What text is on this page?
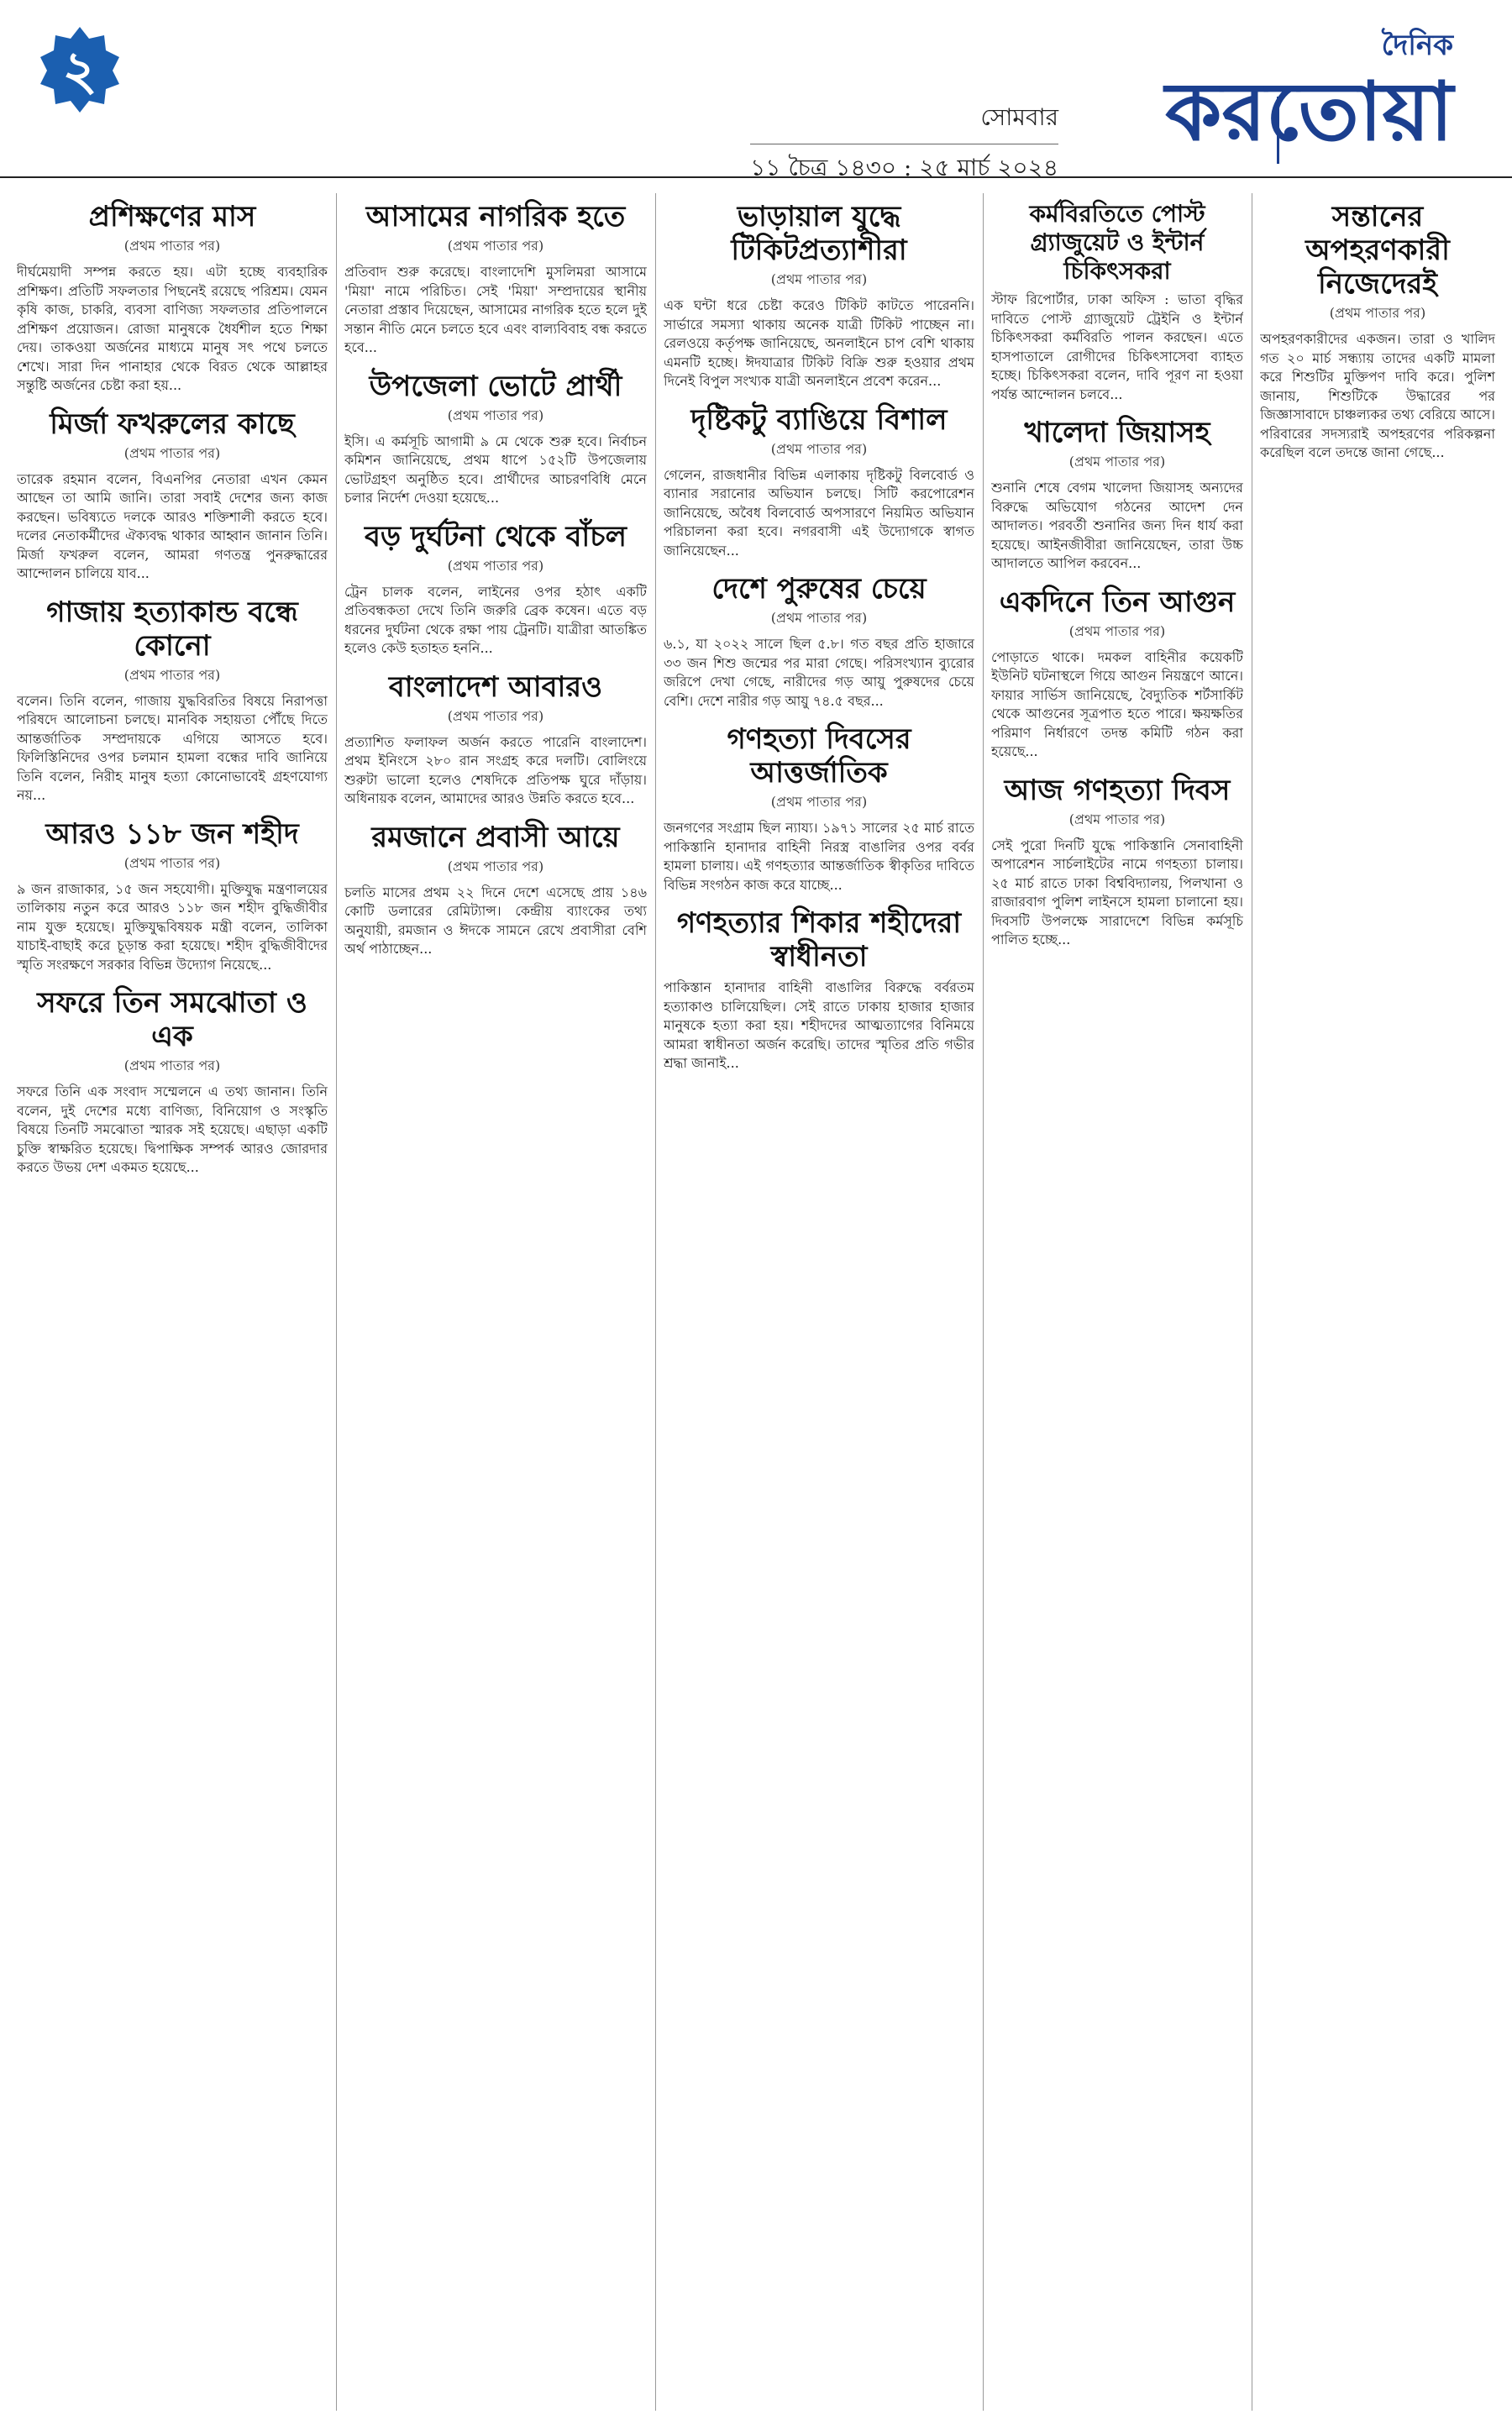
২
সোমবার
১১ চৈত্র ১৪৩০ : ২৫ মার্চ ২০২৪
দৈনিক
করতোয়া
প্রশিক্ষণের মাস
(প্রথম পাতার পর)
দীর্ঘমেয়াদী সম্পন্ন করতে হয়। এটা হচ্ছে ব্যবহারিক প্রশিক্ষণ। প্রতিটি সফলতার পিছনেই রয়েছে পরিশ্রম। যেমন কৃষি কাজ, চাকরি, ব্যবসা বাণিজ্য সফলতার প্রতিপালনে প্রশিক্ষণ প্রয়োজন। রোজা মানুষকে ধৈর্যশীল হতে শিক্ষা দেয়। তাকওয়া অর্জনের মাধ্যমে মানুষ সৎ পথে চলতে শেখে। সারা দিন পানাহার থেকে বিরত থেকে আল্লাহর সন্তুষ্টি অর্জনের চেষ্টা করা হয়...
মির্জা ফখরুলের কাছে
(প্রথম পাতার পর)
তারেক রহমান বলেন, বিএনপির নেতারা এখন কেমন আছেন তা আমি জানি। তারা সবাই দেশের জন্য কাজ করছেন। ভবিষ্যতে দলকে আরও শক্তিশালী করতে হবে। দলের নেতাকর্মীদের ঐক্যবদ্ধ থাকার আহ্বান জানান তিনি। মির্জা ফখরুল বলেন, আমরা গণতন্ত্র পুনরুদ্ধারের আন্দোলন চালিয়ে যাব...
গাজায় হত্যাকান্ড বন্ধে কোনো
(প্রথম পাতার পর)
বলেন। তিনি বলেন, গাজায় যুদ্ধবিরতির বিষয়ে নিরাপত্তা পরিষদে আলোচনা চলছে। মানবিক সহায়তা পৌঁছে দিতে আন্তর্জাতিক সম্প্রদায়কে এগিয়ে আসতে হবে। ফিলিস্তিনিদের ওপর চলমান হামলা বন্ধের দাবি জানিয়ে তিনি বলেন, নিরীহ মানুষ হত্যা কোনোভাবেই গ্রহণযোগ্য নয়...
আরও ১১৮ জন শহীদ
(প্রথম পাতার পর)
৯ জন রাজাকার, ১৫ জন সহযোগী। মুক্তিযুদ্ধ মন্ত্রণালয়ের তালিকায় নতুন করে আরও ১১৮ জন শহীদ বুদ্ধিজীবীর নাম যুক্ত হয়েছে। মুক্তিযুদ্ধবিষয়ক মন্ত্রী বলেন, তালিকা যাচাই-বাছাই করে চূড়ান্ত করা হয়েছে। শহীদ বুদ্ধিজীবীদের স্মৃতি সংরক্ষণে সরকার বিভিন্ন উদ্যোগ নিয়েছে...
সফরে তিন সমঝোতা ও এক
(প্রথম পাতার পর)
সফরে তিনি এক সংবাদ সম্মেলনে এ তথ্য জানান। তিনি বলেন, দুই দেশের মধ্যে বাণিজ্য, বিনিয়োগ ও সংস্কৃতি বিষয়ে তিনটি সমঝোতা স্মারক সই হয়েছে। এছাড়া একটি চুক্তি স্বাক্ষরিত হয়েছে। দ্বিপাক্ষিক সম্পর্ক আরও জোরদার করতে উভয় দেশ একমত হয়েছে...
আসামের নাগরিক হতে
(প্রথম পাতার পর)
প্রতিবাদ শুরু করেছে। বাংলাদেশি মুসলিমরা আসামে 'মিয়া' নামে পরিচিত। সেই 'মিয়া' সম্প্রদায়ের স্থানীয় নেতারা প্রস্তাব দিয়েছেন, আসামের নাগরিক হতে হলে দুই সন্তান নীতি মেনে চলতে হবে এবং বাল্যবিবাহ বন্ধ করতে হবে...
উপজেলা ভোটে প্রার্থী
(প্রথম পাতার পর)
ইসি। এ কর্মসূচি আগামী ৯ মে থেকে শুরু হবে। নির্বাচন কমিশন জানিয়েছে, প্রথম ধাপে ১৫২টি উপজেলায় ভোটগ্রহণ অনুষ্ঠিত হবে। প্রার্থীদের আচরণবিধি মেনে চলার নির্দেশ দেওয়া হয়েছে...
বড় দুর্ঘটনা থেকে বাঁচল
(প্রথম পাতার পর)
ট্রেন চালক বলেন, লাইনের ওপর হঠাৎ একটি প্রতিবন্ধকতা দেখে তিনি জরুরি ব্রেক কষেন। এতে বড় ধরনের দুর্ঘটনা থেকে রক্ষা পায় ট্রেনটি। যাত্রীরা আতঙ্কিত হলেও কেউ হতাহত হননি...
বাংলাদেশ আবারও
(প্রথম পাতার পর)
প্রত্যাশিত ফলাফল অর্জন করতে পারেনি বাংলাদেশ। প্রথম ইনিংসে ২৮০ রান সংগ্রহ করে দলটি। বোলিংয়ে শুরুটা ভালো হলেও শেষদিকে প্রতিপক্ষ ঘুরে দাঁড়ায়। অধিনায়ক বলেন, আমাদের আরও উন্নতি করতে হবে...
রমজানে প্রবাসী আয়ে
(প্রথম পাতার পর)
চলতি মাসের প্রথম ২২ দিনে দেশে এসেছে প্রায় ১৪৬ কোটি ডলারের রেমিট্যান্স। কেন্দ্রীয় ব্যাংকের তথ্য অনুযায়ী, রমজান ও ঈদকে সামনে রেখে প্রবাসীরা বেশি অর্থ পাঠাচ্ছেন...
ভাড়ায়াল যুদ্ধে টিকিটপ্রত্যাশীরা
(প্রথম পাতার পর)
এক ঘন্টা ধরে চেষ্টা করেও টিকিট কাটতে পারেননি। সার্ভারে সমস্যা থাকায় অনেক যাত্রী টিকিট পাচ্ছেন না। রেলওয়ে কর্তৃপক্ষ জানিয়েছে, অনলাইনে চাপ বেশি থাকায় এমনটি হচ্ছে। ঈদযাত্রার টিকিট বিক্রি শুরু হওয়ার প্রথম দিনেই বিপুল সংখ্যক যাত্রী অনলাইনে প্রবেশ করেন...
দৃষ্টিকটু ব্যাঙিয়ে বিশাল
(প্রথম পাতার পর)
গেলেন, রাজধানীর বিভিন্ন এলাকায় দৃষ্টিকটু বিলবোর্ড ও ব্যানার সরানোর অভিযান চলছে। সিটি করপোরেশন জানিয়েছে, অবৈধ বিলবোর্ড অপসারণে নিয়মিত অভিযান পরিচালনা করা হবে। নগরবাসী এই উদ্যোগকে স্বাগত জানিয়েছেন...
দেশে পুরুষের চেয়ে
(প্রথম পাতার পর)
৬.১, যা ২০২২ সালে ছিল ৫.৮। গত বছর প্রতি হাজারে ৩৩ জন শিশু জন্মের পর মারা গেছে। পরিসংখ্যান ব্যুরোর জরিপে দেখা গেছে, নারীদের গড় আয়ু পুরুষদের চেয়ে বেশি। দেশে নারীর গড় আয়ু ৭৪.৫ বছর...
গণহত্যা দিবসের আত্তর্জাতিক
(প্রথম পাতার পর)
জনগণের সংগ্রাম ছিল ন্যায্য। ১৯৭১ সালের ২৫ মার্চ রাতে পাকিস্তানি হানাদার বাহিনী নিরস্ত্র বাঙালির ওপর বর্বর হামলা চালায়। এই গণহত্যার আন্তর্জাতিক স্বীকৃতির দাবিতে বিভিন্ন সংগঠন কাজ করে যাচ্ছে...
গণহত্যার শিকার শহীদেরা স্বাধীনতা
পাকিস্তান হানাদার বাহিনী বাঙালির বিরুদ্ধে বর্বরতম হত্যাকাণ্ড চালিয়েছিল। সেই রাতে ঢাকায় হাজার হাজার মানুষকে হত্যা করা হয়। শহীদদের আত্মত্যাগের বিনিময়ে আমরা স্বাধীনতা অর্জন করেছি। তাদের স্মৃতির প্রতি গভীর শ্রদ্ধা জানাই...
কর্মবিরতিতে পোস্ট গ্র্যাজুয়েট ও ইন্টার্ন চিকিৎসকরা
স্টাফ রিপোর্টার, ঢাকা অফিস : ভাতা বৃদ্ধির দাবিতে পোস্ট গ্র্যাজুয়েট ট্রেইনি ও ইন্টার্ন চিকিৎসকরা কর্মবিরতি পালন করছেন। এতে হাসপাতালে রোগীদের চিকিৎসাসেবা ব্যাহত হচ্ছে। চিকিৎসকরা বলেন, দাবি পূরণ না হওয়া পর্যন্ত আন্দোলন চলবে...
খালেদা জিয়াসহ
(প্রথম পাতার পর)
শুনানি শেষে বেগম খালেদা জিয়াসহ অন্যদের বিরুদ্ধে অভিযোগ গঠনের আদেশ দেন আদালত। পরবর্তী শুনানির জন্য দিন ধার্য করা হয়েছে। আইনজীবীরা জানিয়েছেন, তারা উচ্চ আদালতে আপিল করবেন...
একদিনে তিন আগুন
(প্রথম পাতার পর)
পোড়াতে থাকে। দমকল বাহিনীর কয়েকটি ইউনিট ঘটনাস্থলে গিয়ে আগুন নিয়ন্ত্রণে আনে। ফায়ার সার্ভিস জানিয়েছে, বৈদ্যুতিক শর্টসার্কিট থেকে আগুনের সূত্রপাত হতে পারে। ক্ষয়ক্ষতির পরিমাণ নির্ধারণে তদন্ত কমিটি গঠন করা হয়েছে...
আজ গণহত্যা দিবস
(প্রথম পাতার পর)
সেই পুরো দিনটি যুদ্ধে পাকিস্তানি সেনাবাহিনী অপারেশন সার্চলাইটের নামে গণহত্যা চালায়। ২৫ মার্চ রাতে ঢাকা বিশ্ববিদ্যালয়, পিলখানা ও রাজারবাগ পুলিশ লাইনসে হামলা চালানো হয়। দিবসটি উপলক্ষে সারাদেশে বিভিন্ন কর্মসূচি পালিত হচ্ছে...
সন্তানের অপহরণকারী নিজেদেরই
(প্রথম পাতার পর)
অপহরণকারীদের একজন। তারা ও খালিদ গত ২০ মার্চ সন্ধ্যায় তাদের একটি মামলা করে শিশুটির মুক্তিপণ দাবি করে। পুলিশ জানায়, শিশুটিকে উদ্ধারের পর জিজ্ঞাসাবাদে চাঞ্চল্যকর তথ্য বেরিয়ে আসে। পরিবারের সদস্যরাই অপহরণের পরিকল্পনা করেছিল বলে তদন্তে জানা গেছে...
